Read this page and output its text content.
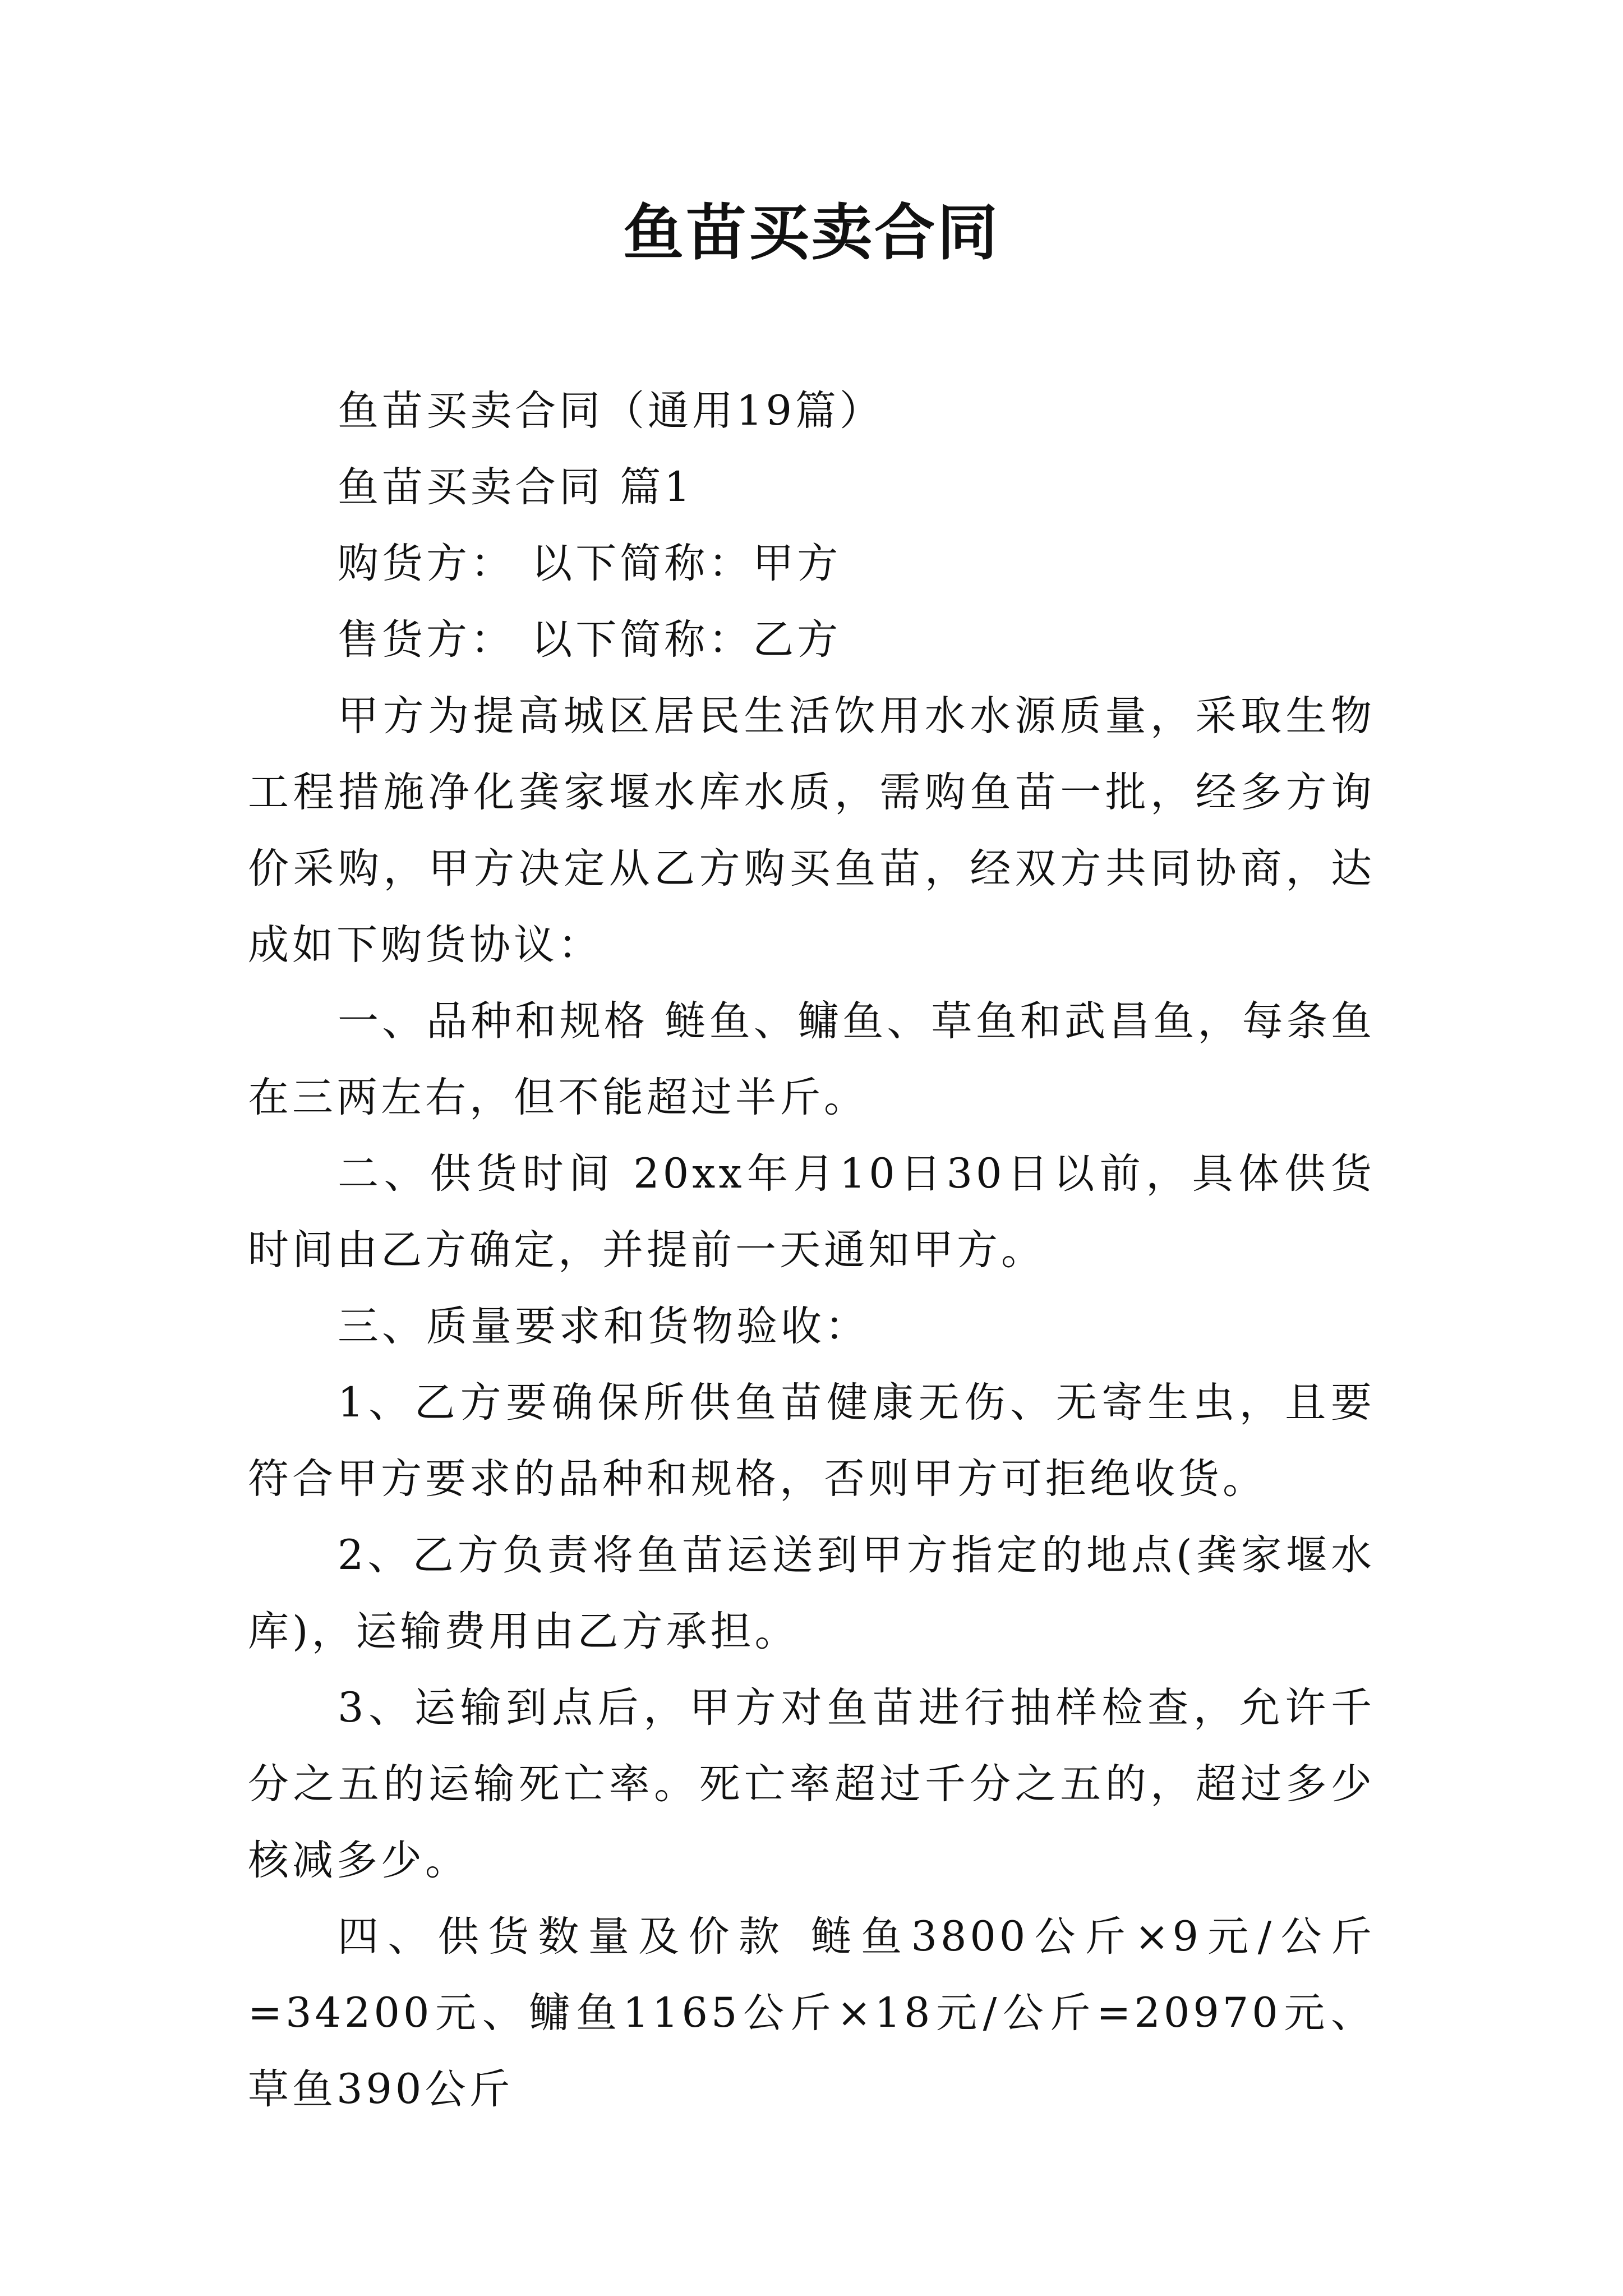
鱼苗买卖合同

鱼苗买卖合同（通用19篇）

鱼苗买卖合同 篇1

购货方： 以下简称：甲方

售货方： 以下简称：乙方

甲方为提高城区居民生活饮用水水源质量，采取生物工程措施净化龚家堰水库水质，需购鱼苗一批，经多方询价采购，甲方决定从乙方购买鱼苗，经双方共同协商，达成如下购货协议：

一、品种和规格 鲢鱼、鳙鱼、草鱼和武昌鱼，每条鱼在三两左右，但不能超过半斤。

二、供货时间 20xx年月10日30日以前，具体供货时间由乙方确定，并提前一天通知甲方。

三、质量要求和货物验收：

1、乙方要确保所供鱼苗健康无伤、无寄生虫，且要符合甲方要求的品种和规格，否则甲方可拒绝收货。

2、乙方负责将鱼苗运送到甲方指定的地点(龚家堰水库)，运输费用由乙方承担。

3、运输到点后，甲方对鱼苗进行抽样检查，允许千分之五的运输死亡率。死亡率超过千分之五的，超过多少核减多少。

四、供货数量及价款 鲢鱼3800公斤×9元/公斤=34200元、鳙鱼1165公斤×18元/公斤=20970元、草鱼390公斤
